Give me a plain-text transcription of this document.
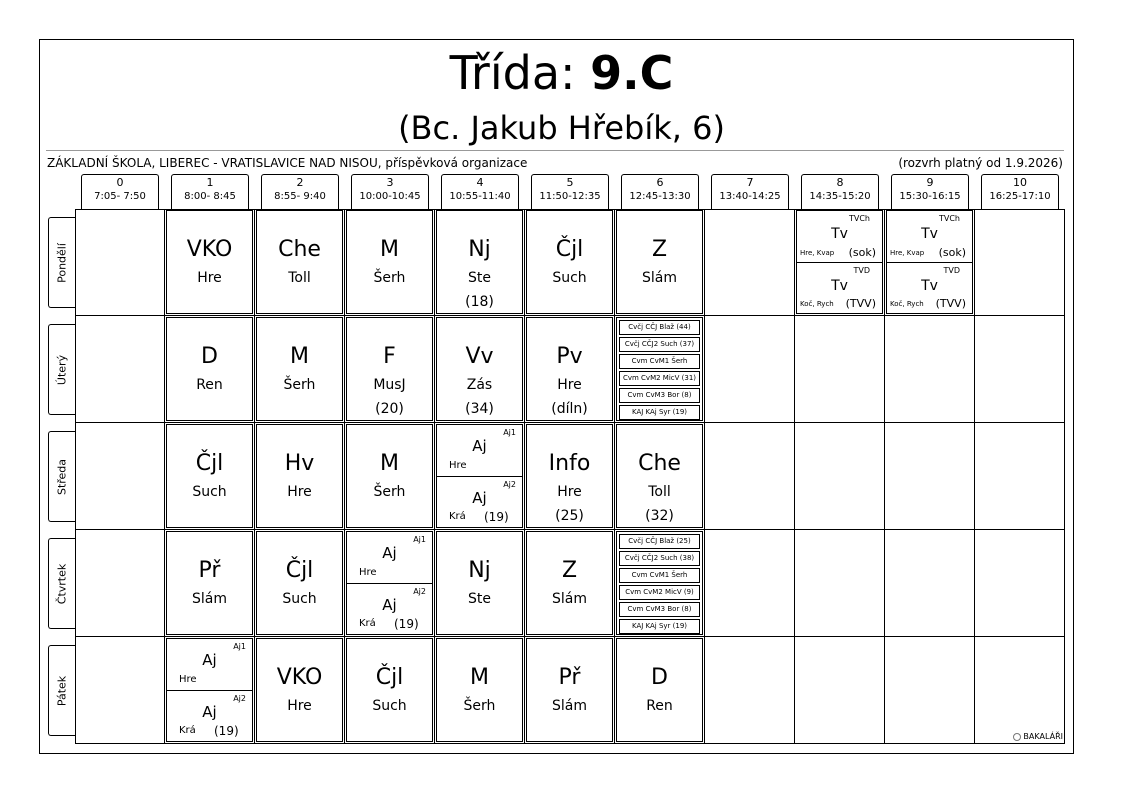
Třída: 9.C
(Bc. Jakub Hřebík, 6)
ZÁKLADNÍ ŠKOLA, LIBEREC - VRATISLAVICE NAD NISOU, příspěvková organizace	(rozvrh platný od 1.9.2026)
0
7:05- 7:50
1
8:00- 8:45
2
8:55- 9:40
3
10:00-10:45
4
10:55-11:40
5
11:50-12:35
6
12:45-13:30
7
13:40-14:25
8
14:35-15:20
9
15:30-16:15
10
16:25-17:10
Pondělí
Úterý
Středa
Čtvrtek
Pátek
VKO
Hre
Che
Toll
M
Šerh
Nj
Ste
(18)
Čjl
Such
Z
Slám
TVCh
Tv
Hre, Kvap (sok)
TVD
Tv
Koč, Rych (TVV)
TVCh
Tv
Hre, Kvap (sok)
TVD
Tv
Koč, Rych (TVV)
D
Ren
M
Šerh
F
MusJ
(20)
Vv
Zás
(34)
Pv
Hre
(díln)
Cvčj CČJ Blaž (44)
Cvčj CČJ2 Such (37)
Cvm CvM1 Šerh
Cvm CvM2 MicV (31)
Cvm CvM3 Bor (8)
KAJ KAj Syr (19)
Čjl
Such
Hv
Hre
M
Šerh
Aj1
Aj
Hre
Aj2
Aj
Krá (19)
Info
Hre
(25)
Che
Toll
(32)
Př
Slám
Čjl
Such
Aj1
Aj
Hre
Aj2
Aj
Krá (19)
Nj
Ste
Z
Slám
Cvčj CČJ Blaž (25)
Cvčj CČJ2 Such (38)
Cvm CvM1 Šerh
Cvm CvM2 MicV (9)
Cvm CvM3 Bor (8)
KAJ KAj Syr (19)
Aj1
Aj
Hre
Aj2
Aj
Krá (19)
VKO
Hre
Čjl
Such
M
Šerh
Př
Slám
D
Ren
BAKALÁŘI
